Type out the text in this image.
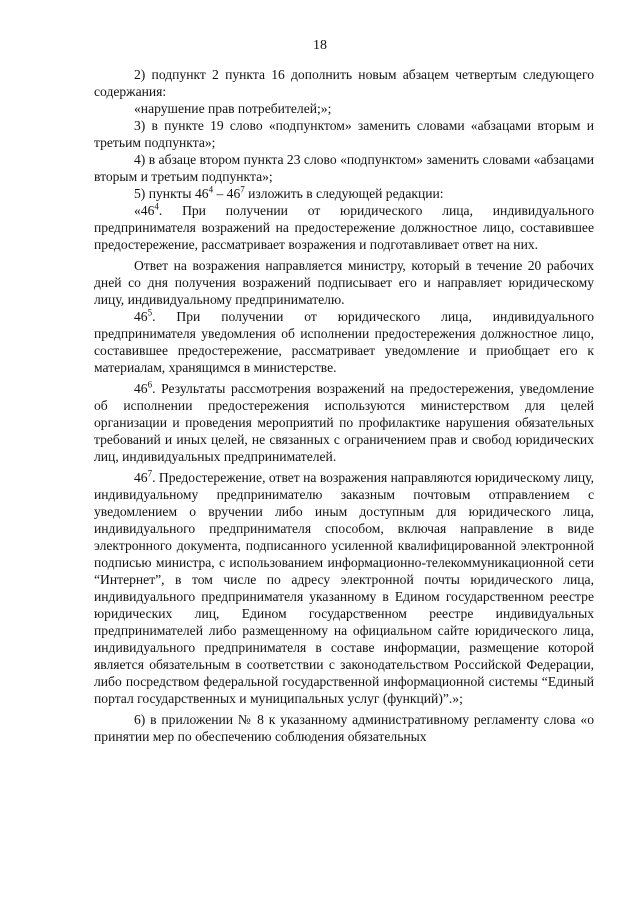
18

2) подпункт 2 пункта 16 дополнить новым абзацем четвертым следующего содержания:

«нарушение прав потребителей;»;

3) в пункте 19 слово «подпунктом» заменить словами «абзацами вторым и третьим подпункта»;

4) в абзаце втором пункта 23 слово «подпунктом» заменить словами «абзацами вторым и третьим подпункта»;

5) пункты $46^4 - 46^7$ изложить в следующей редакции:

«$46^4$. При получении от юридического лица, индивидуального предпринимателя возражений на предостережение должностное лицо, составившее предостережение, рассматривает возражения и подготавливает ответ на них.

Ответ на возражения направляется министру, который в течение 20 рабочих дней со дня получения возражений подписывает его и направляет юридическому лицу, индивидуальному предпринимателю.

$46^5$. При получении от юридического лица, индивидуального предпринимателя уведомления об исполнении предостережения должностное лицо, составившее предостережение, рассматривает уведомление и приобщает его к материалам, хранящимся в министерстве.

$46^6$. Результаты рассмотрения возражений на предостережения, уведомление об исполнении предостережения используются министерством для целей организации и проведения мероприятий по профилактике нарушения обязательных требований и иных целей, не связанных с ограничением прав и свобод юридических лиц, индивидуальных предпринимателей.

$46^7$. Предостережение, ответ на возражения направляются юридическому лицу, индивидуальному предпринимателю заказным почтовым отправлением с уведомлением о вручении либо иным доступным для юридического лица, индивидуального предпринимателя способом, включая направление в виде электронного документа, подписанного усиленной квалифицированной электронной подписью министра, с использованием информационно-телекоммуникационной сети “Интернет”, в том числе по адресу электронной почты юридического лица, индивидуального предпринимателя указанному в Едином государственном реестре юридических лиц, Едином государственном реестре индивидуальных предпринимателей либо размещенному на официальном сайте юридического лица, индивидуального предпринимателя в составе информации, размещение которой является обязательным в соответствии с законодательством Российской Федерации, либо посредством федеральной государственной информационной системы “Единый портал государственных и муниципальных услуг (функций)”.»;

6) в приложении № 8 к указанному административному регламенту слова «о принятии мер по обеспечению соблюдения обязательных
